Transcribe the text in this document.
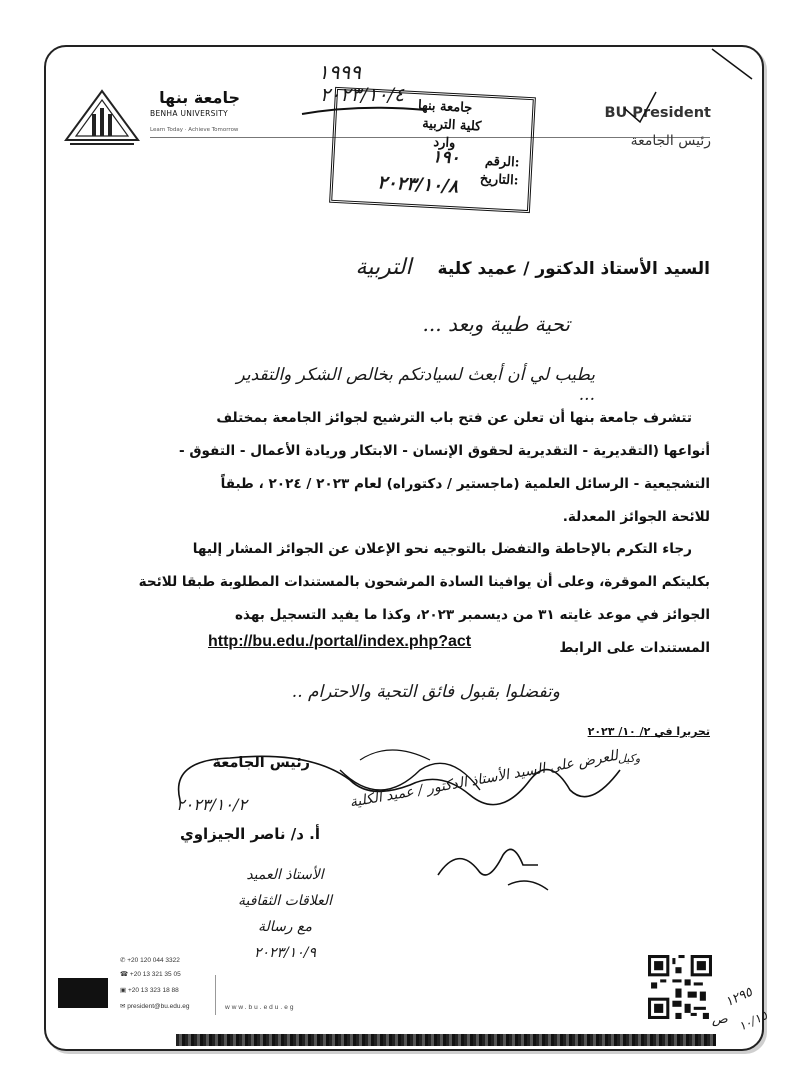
جامعة بنها
BENHA UNIVERSITY
Learn Today · Achieve Tomorrow
BU President
رئيس الجامعة
١٩٩٩
٢٠٢٣/١٠/٤
جامعة بنها
كلية التربية
وارد
الرقم:
١٩٠
التاريخ:
٢٠٢٣/١٠/٨
السيد الأستاذ الدكتور / عميد كلية التربية
تحية طيبة وبعد ...
يطيب لي أن أبعث لسيادتكم بخالص الشكر والتقدير ...
تتشرف جامعة بنها أن تعلن عن فتح باب الترشيح لجوائز الجامعة بمختلف
أنواعها (التقديرية - التقديرية لحقوق الإنسان - الابتكار وريادة الأعمال - التفوق -
التشجيعية - الرسائل العلمية (ماجستير / دكتوراه) لعام ٢٠٢٣ / ٢٠٢٤ ، طبقاً
للائحة الجوائز المعدلة.
رجاء التكرم بالإحاطة والتفضل بالتوجيه نحو الإعلان عن الجوائز المشار إليها
بكليتكم الموقرة، وعلى أن يوافينا السادة المرشحون بالمستندات المطلوبة طبقا للائحة
الجوائز في موعد غايته ٣١ من ديسمبر ٢٠٢٣، وكذا ما يفيد التسجيل بهذه
المستندات على الرابط
http://bu.edu./portal/index.php?act
وتفضلوا بقبول فائق التحية والاحترام ..
تحريرا في ٢/ ١٠/ ٢٠٢٣
رئيس الجامعة
٢٠٢٣/١٠/٢
أ. د/ ناصر الجيزاوي
للعرض على السيد الأستاذ الدكتور / عميد الكلية
وكيل
الأستاذ العميد
العلاقات الثقافية
مع رسالة
٢٠٢٣/١٠/٩
١٢٩٥
ص ١٠/١٥
✆ +20 120 044 3322
☎ +20 13 321 35 05
▣ +20 13 323 18 88
✉ president@bu.edu.eg	www.bu.edu.eg
